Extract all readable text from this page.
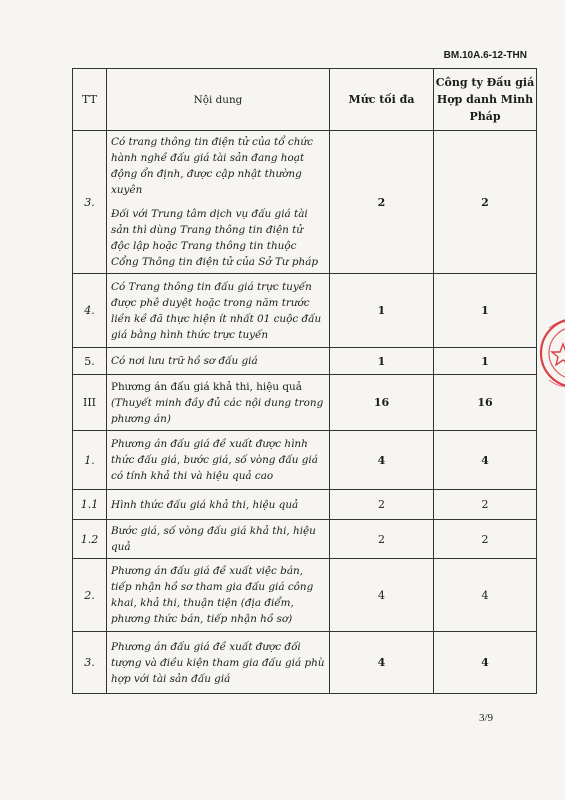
BM.10A.6-12-THN
TT	Nội dung	Mức tối đa	Công ty Đấu giá Hợp danh Minh Pháp
3.	Có trang thông tin điện tử của tổ chức hành nghề đấu giá tài sản đang hoạt động ổn định, được cập nhật thường xuyên

Đối với Trung tâm dịch vụ đấu giá tài sản thì dùng Trang thông tin điện tử độc lập hoặc Trang thông tin thuộc Cổng Thông tin điện tử của Sở Tư pháp	2	2
4.	Có Trang thông tin đấu giá trực tuyến được phê duyệt hoặc trong năm trước liền kề đã thực hiện ít nhất 01 cuộc đấu giá bằng hình thức trực tuyến	1	1
5.	Có nơi lưu trữ hồ sơ đấu giá	1	1
III	Phương án đấu giá khả thi, hiệu quả (Thuyết minh đầy đủ các nội dung trong phương án)	16	16
1.	Phương án đấu giá đề xuất được hình thức đấu giá, bước giá, số vòng đấu giá có tính khả thi và hiệu quả cao	4	4
1.1	Hình thức đấu giá khả thi, hiệu quả	2	2
1.2	Bước giá, số vòng đấu giá khả thi, hiệu quả	2	2
2.	Phương án đấu giá đề xuất việc bán, tiếp nhận hồ sơ tham gia đấu giá công khai, khả thi, thuận tiện (địa điểm, phương thức bán, tiếp nhận hồ sơ)	4	4
3.	Phương án đấu giá đề xuất được đối tượng và điều kiện tham gia đấu giá phù hợp với tài sản đấu giá	4	4
3/9
